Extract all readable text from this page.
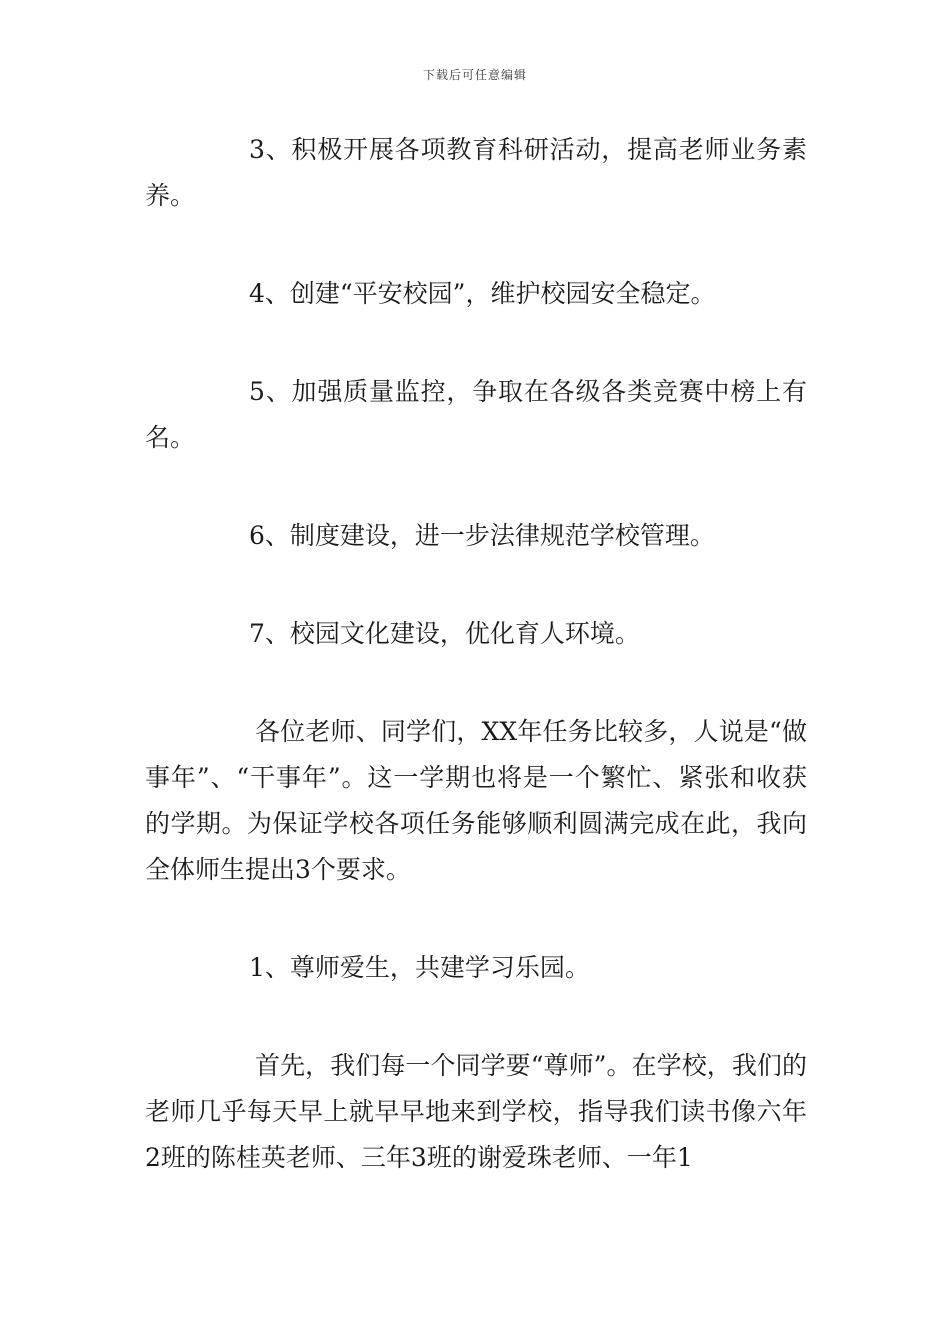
下载后可任意编辑

3、积极开展各项教育科研活动，提高老师业务素养。

4、创建“平安校园”，维护校园安全稳定。

5、加强质量监控，争取在各级各类竞赛中榜上有名。

6、制度建设，进一步法律规范学校管理。

7、校园文化建设，优化育人环境。

各位老师、同学们，XX年任务比较多，人说是“做事年”、“干事年”。这一学期也将是一个繁忙、紧张和收获的学期。为保证学校各项任务能够顺利圆满完成在此，我向全体师生提出3个要求。

1、尊师爱生，共建学习乐园。

首先，我们每一个同学要“尊师”。在学校，我们的老师几乎每天早上就早早地来到学校，指导我们读书像六年2班的陈桂英老师、三年3班的谢爱珠老师、一年1
